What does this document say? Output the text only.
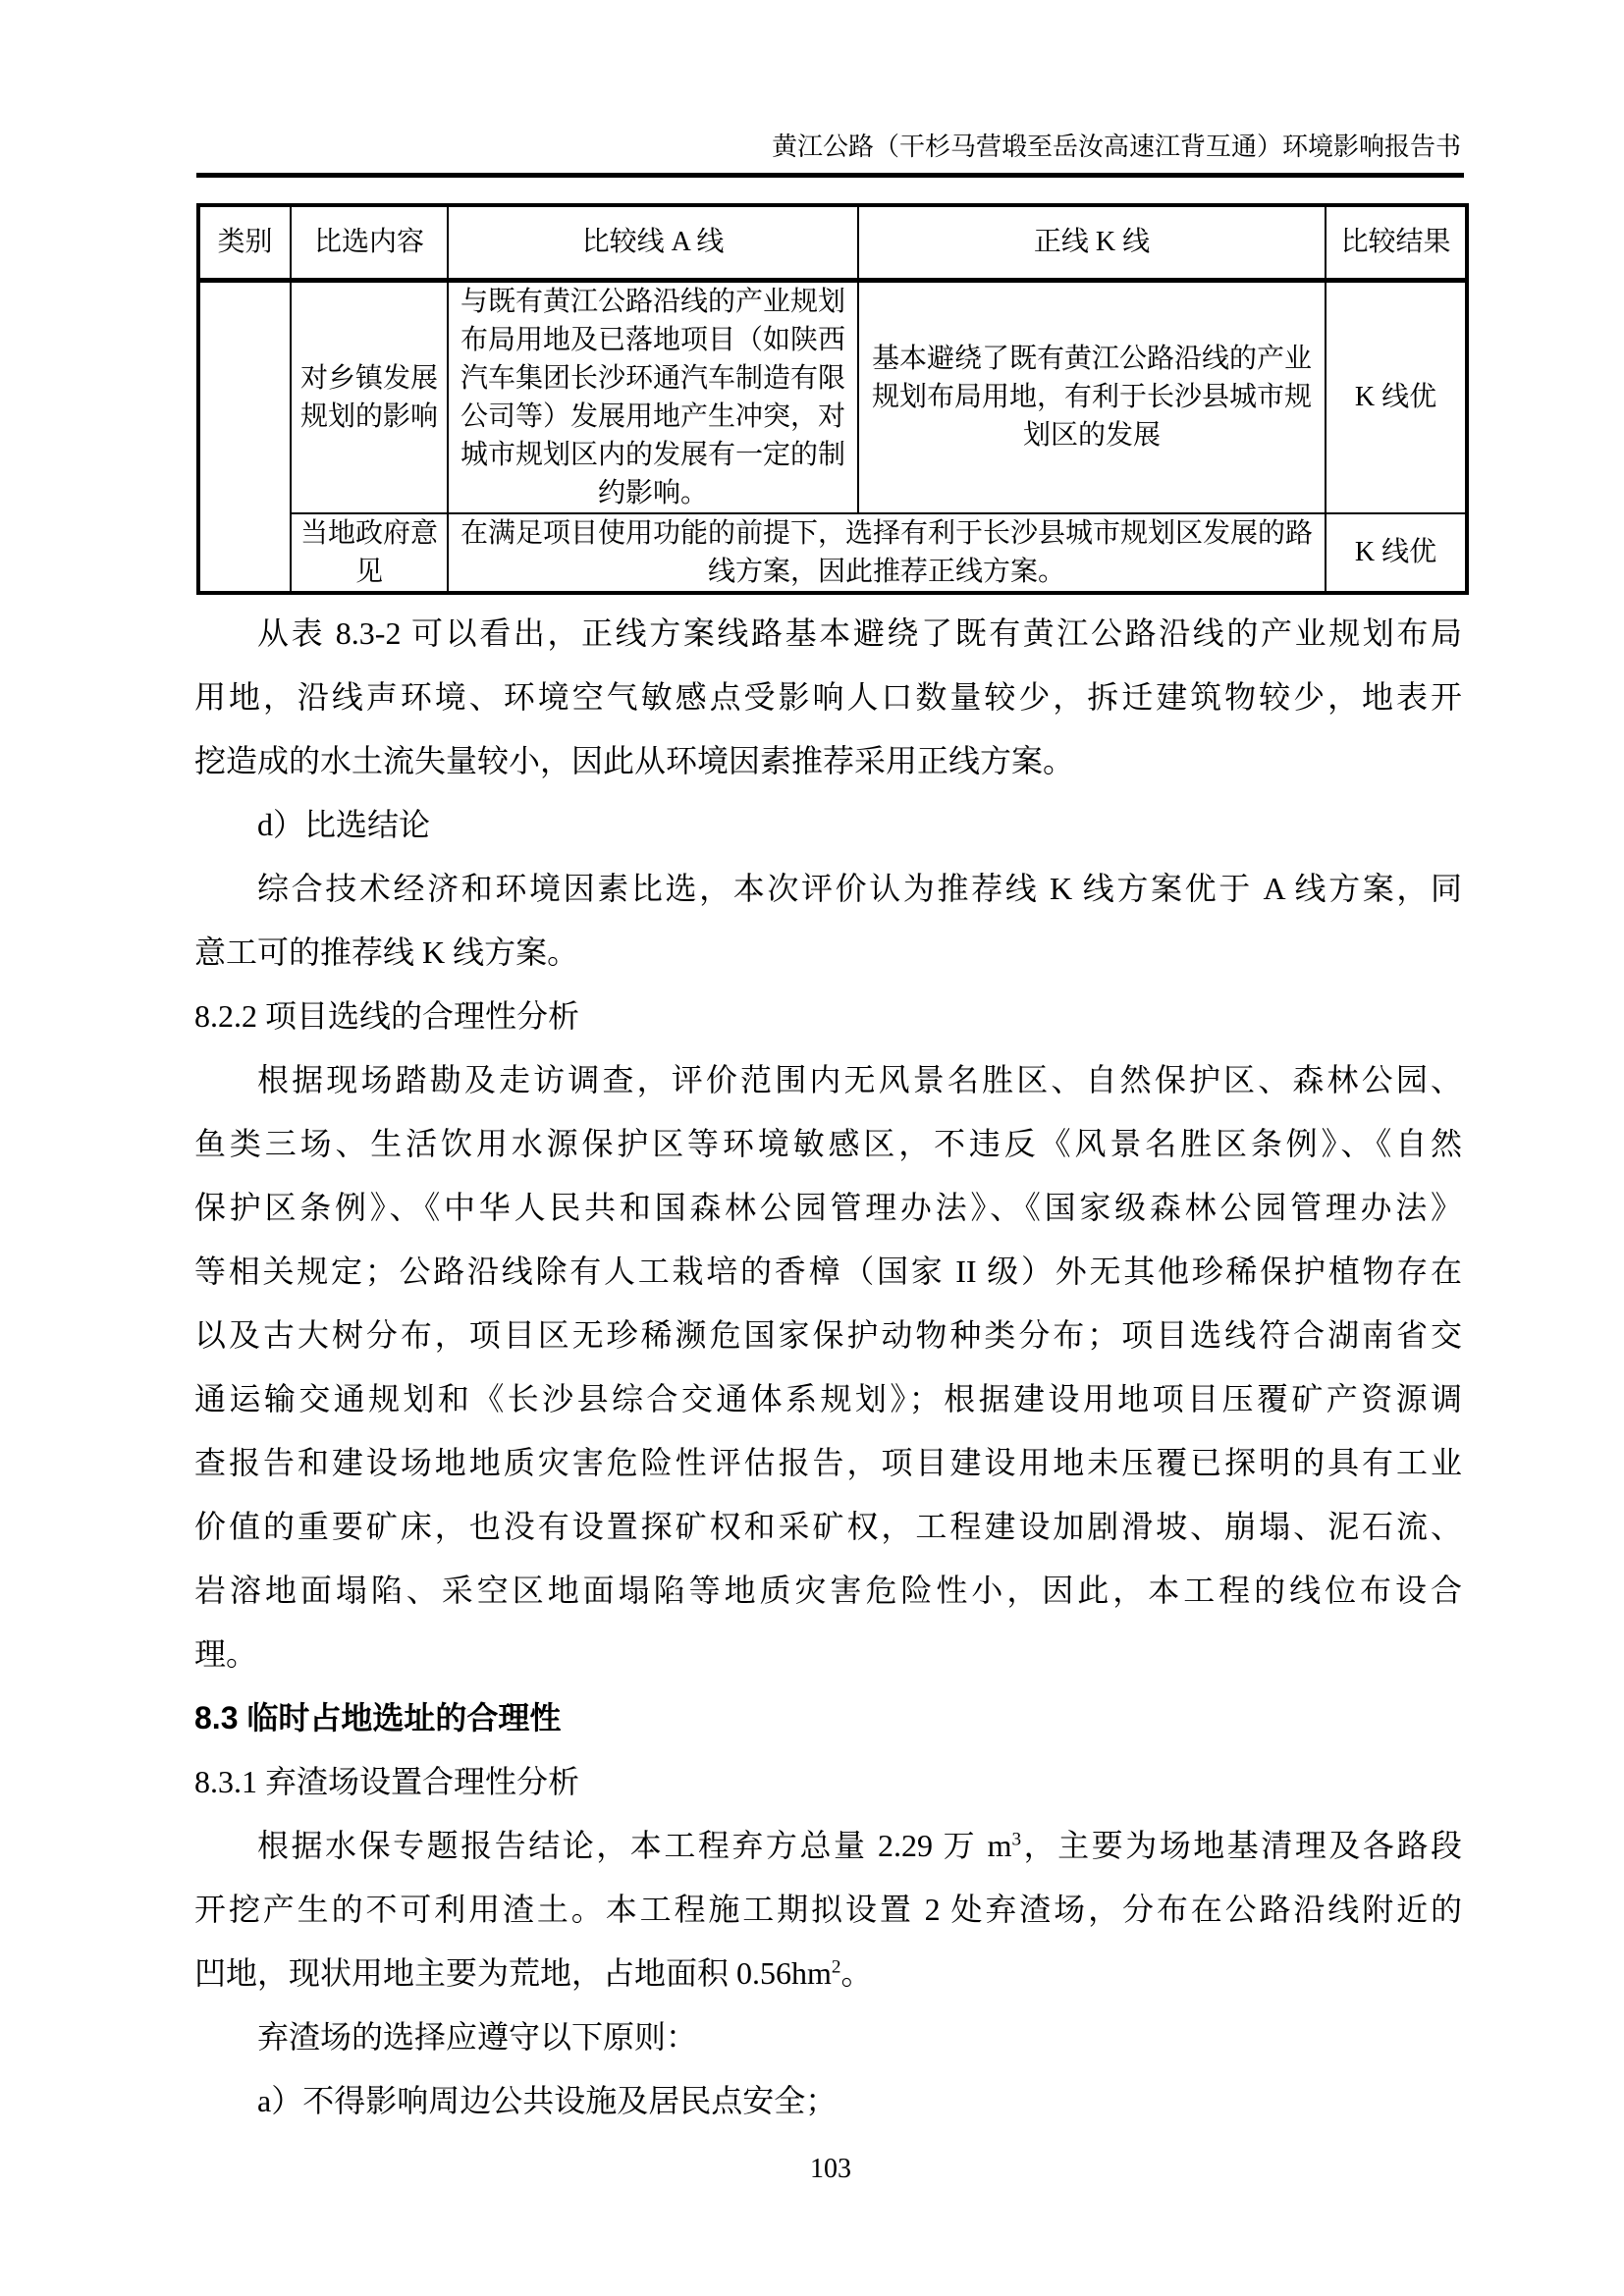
黄江公路（干杉马营塅至岳汝高速江背互通）环境影响报告书
类别	比选内容	比较线 A 线	正线 K 线	比较结果
	对乡镇发展规划的影响	与既有黄江公路沿线的产业规划布局用地及已落地项目（如陕西汽车集团长沙环通汽车制造有限公司等）发展用地产生冲突，对城市规划区内的发展有一定的制约影响。	基本避绕了既有黄江公路沿线的产业规划布局用地，有利于长沙县城市规划区的发展	K 线优
	当地政府意见	在满足项目使用功能的前提下，选择有利于长沙县城市规划区发展的路线方案，因此推荐正线方案。		K 线优
从表 8.3-2 可以看出，正线方案线路基本避绕了既有黄江公路沿线的产业规划布局
用地，沿线声环境、环境空气敏感点受影响人口数量较少，拆迁建筑物较少，地表开
挖造成的水土流失量较小，因此从环境因素推荐采用正线方案。
d）比选结论
综合技术经济和环境因素比选，本次评价认为推荐线 K 线方案优于 A 线方案，同
意工可的推荐线 K 线方案。
8.2.2 项目选线的合理性分析
根据现场踏勘及走访调查，评价范围内无风景名胜区、自然保护区、森林公园、
鱼类三场、生活饮用水源保护区等环境敏感区，不违反《风景名胜区条例》、《自然
保护区条例》、《中华人民共和国森林公园管理办法》、《国家级森林公园管理办法》
等相关规定；公路沿线除有人工栽培的香樟（国家 II 级）外无其他珍稀保护植物存在
以及古大树分布，项目区无珍稀濒危国家保护动物种类分布；项目选线符合湖南省交
通运输交通规划和《长沙县综合交通体系规划》；根据建设用地项目压覆矿产资源调
查报告和建设场地地质灾害危险性评估报告，项目建设用地未压覆已探明的具有工业
价值的重要矿床，也没有设置探矿权和采矿权，工程建设加剧滑坡、崩塌、泥石流、
岩溶地面塌陷、采空区地面塌陷等地质灾害危险性小，因此，本工程的线位布设合
理。
8.3 临时占地选址的合理性
8.3.1 弃渣场设置合理性分析
根据水保专题报告结论，本工程弃方总量 2.29 万 $m^3$，主要为场地基清理及各路段
开挖产生的不可利用渣土。本工程施工期拟设置 2 处弃渣场，分布在公路沿线附近的
凹地，现状用地主要为荒地，占地面积 $0.56hm^2$。
弃渣场的选择应遵守以下原则：
a）不得影响周边公共设施及居民点安全；
103
